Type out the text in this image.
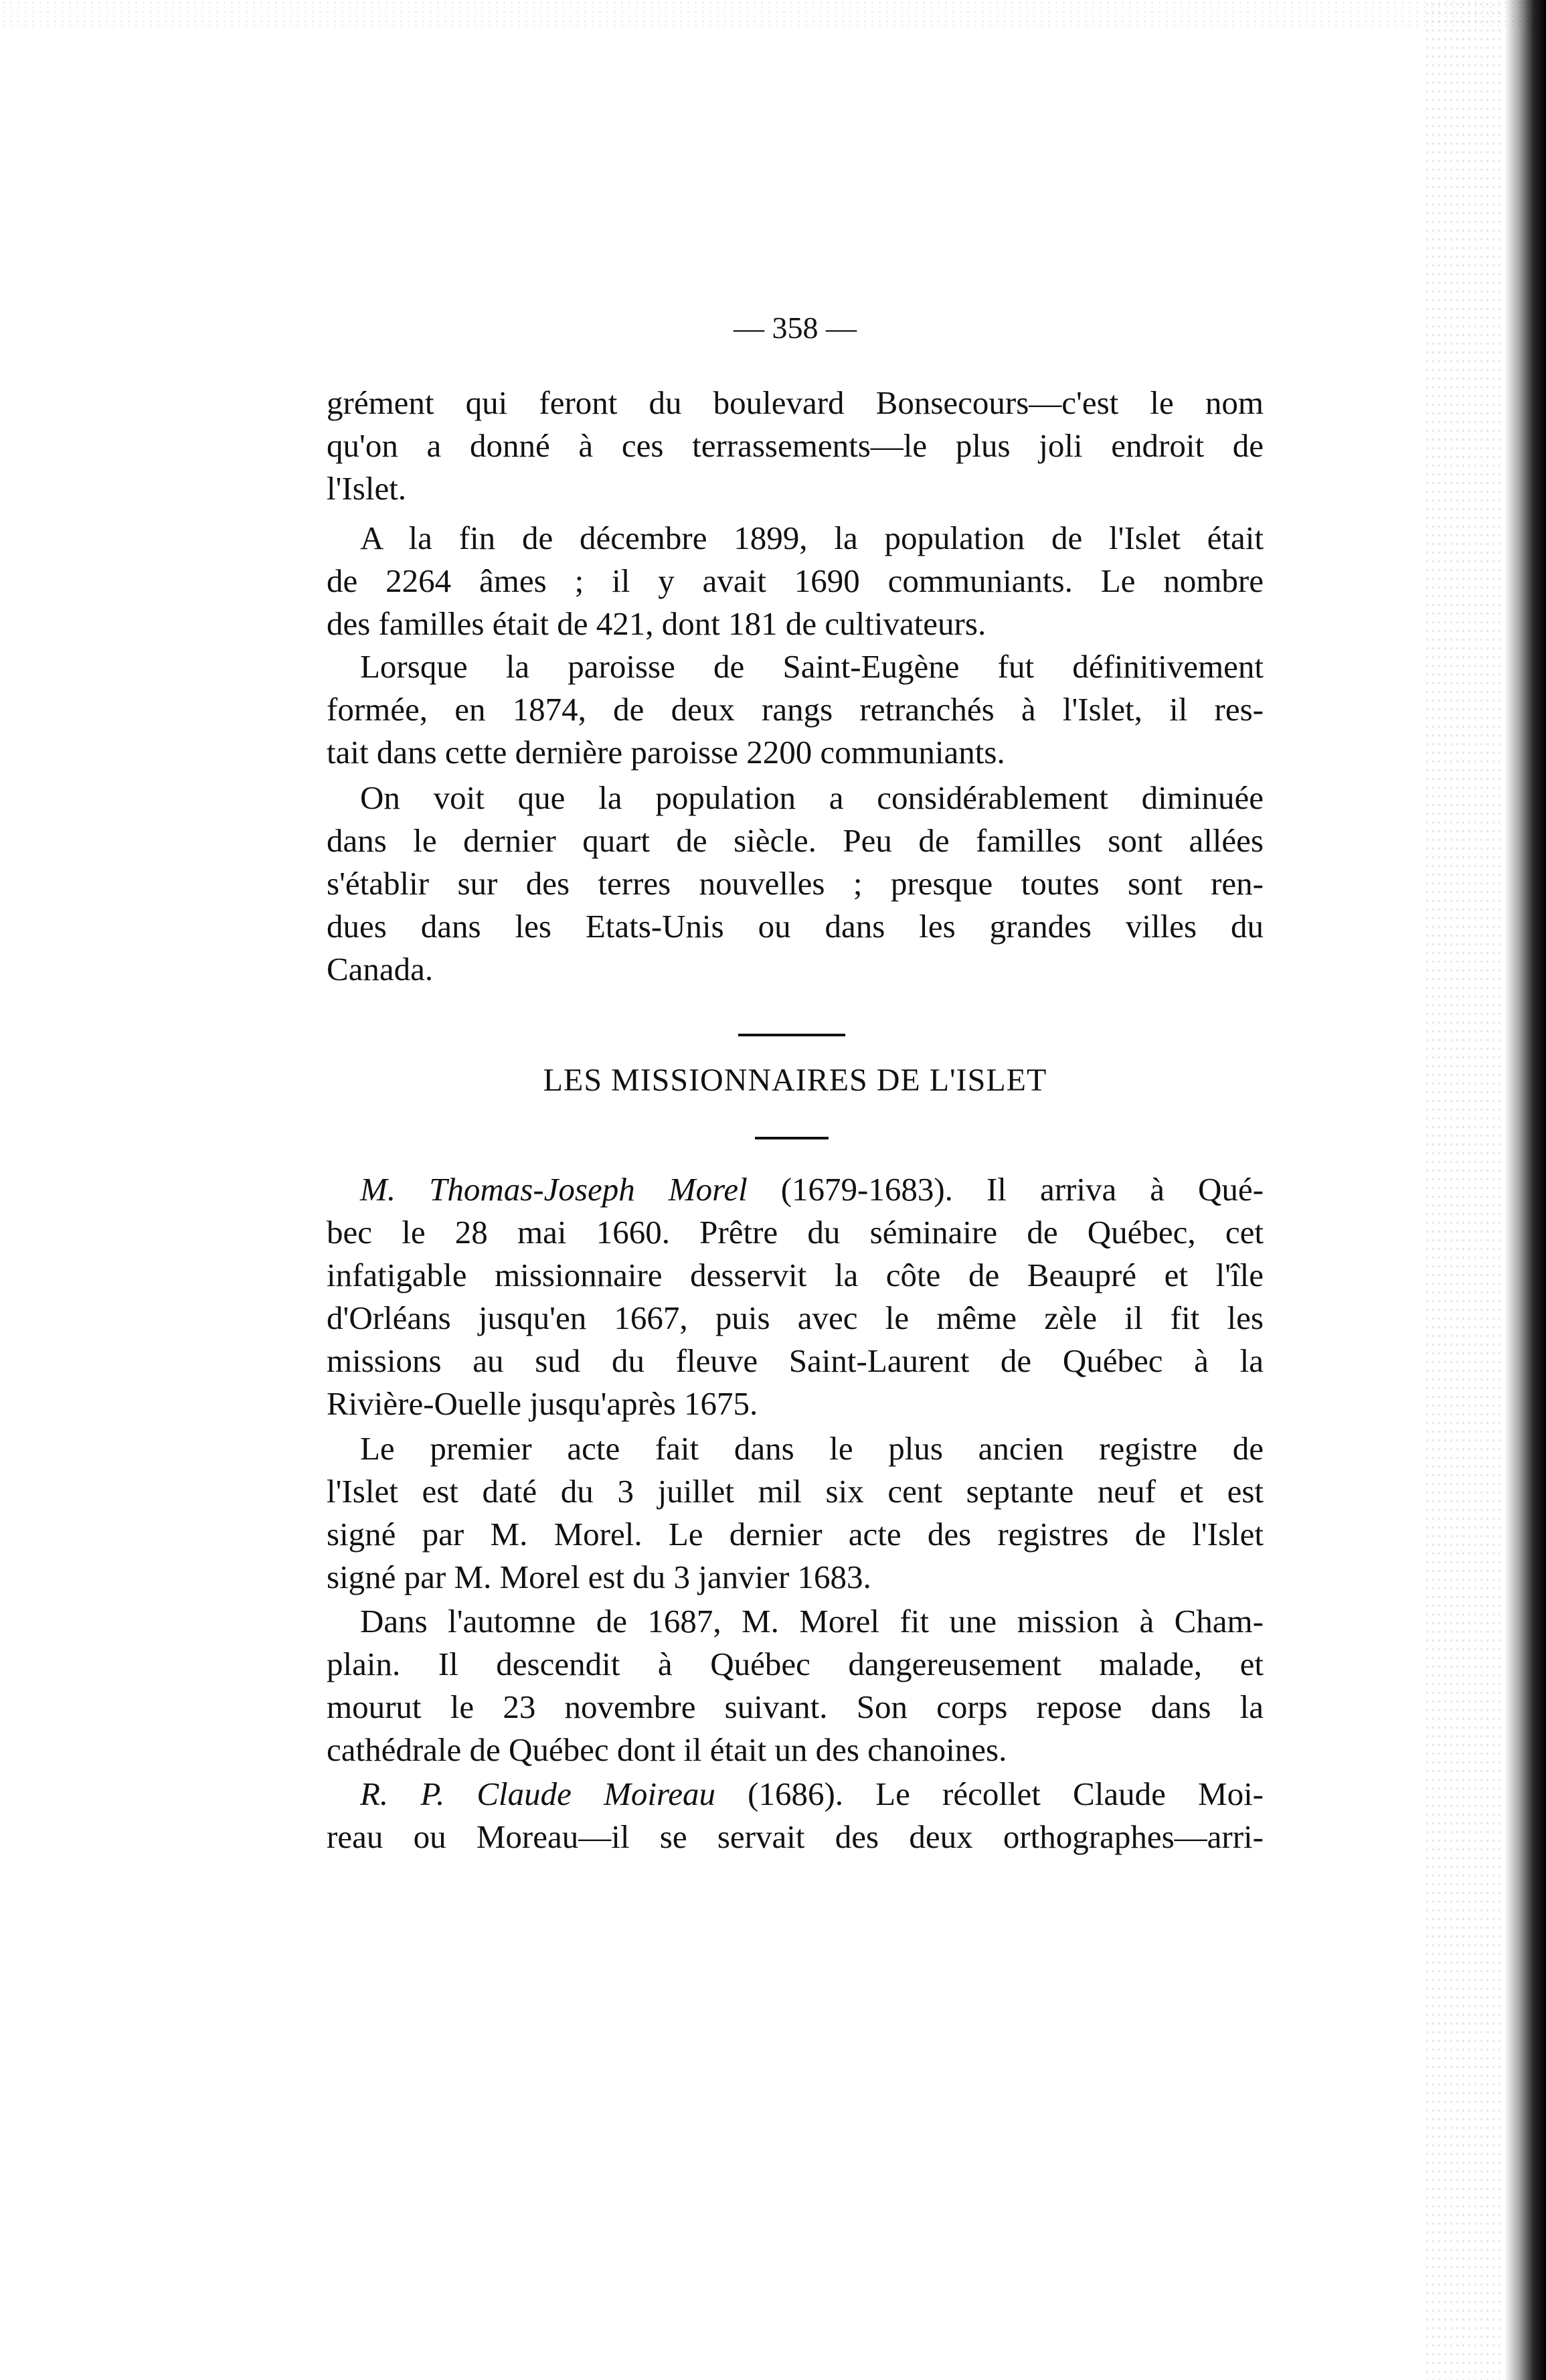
— 358 —
grément qui feront du boulevard Bonsecours—c'est le nom
qu'on a donné à ces terrassements—le plus joli endroit de
l'Islet.
A la fin de décembre 1899, la population de l'Islet était
de 2264 âmes ; il y avait 1690 communiants. Le nombre
des familles était de 421, dont 181 de cultivateurs.
Lorsque la paroisse de Saint-Eugène fut définitivement
formée, en 1874, de deux rangs retranchés à l'Islet, il res-
tait dans cette dernière paroisse 2200 communiants.
On voit que la population a considérablement diminuée
dans le dernier quart de siècle. Peu de familles sont allées
s'établir sur des terres nouvelles ; presque toutes sont ren-
dues dans les Etats-Unis ou dans les grandes villes du
Canada.
LES MISSIONNAIRES DE L'ISLET
M. Thomas-Joseph Morel (1679-1683). Il arriva à Qué-
bec le 28 mai 1660. Prêtre du séminaire de Québec, cet
infatigable missionnaire desservit la côte de Beaupré et l'île
d'Orléans jusqu'en 1667, puis avec le même zèle il fit les
missions au sud du fleuve Saint-Laurent de Québec à la
Rivière-Ouelle jusqu'après 1675.
Le premier acte fait dans le plus ancien registre de
l'Islet est daté du 3 juillet mil six cent septante neuf et est
signé par M. Morel. Le dernier acte des registres de l'Islet
signé par M. Morel est du 3 janvier 1683.
Dans l'automne de 1687, M. Morel fit une mission à Cham-
plain. Il descendit à Québec dangereusement malade, et
mourut le 23 novembre suivant. Son corps repose dans la
cathédrale de Québec dont il était un des chanoines.
R. P. Claude Moireau (1686). Le récollet Claude Moi-
reau ou Moreau—il se servait des deux orthographes—arri-
